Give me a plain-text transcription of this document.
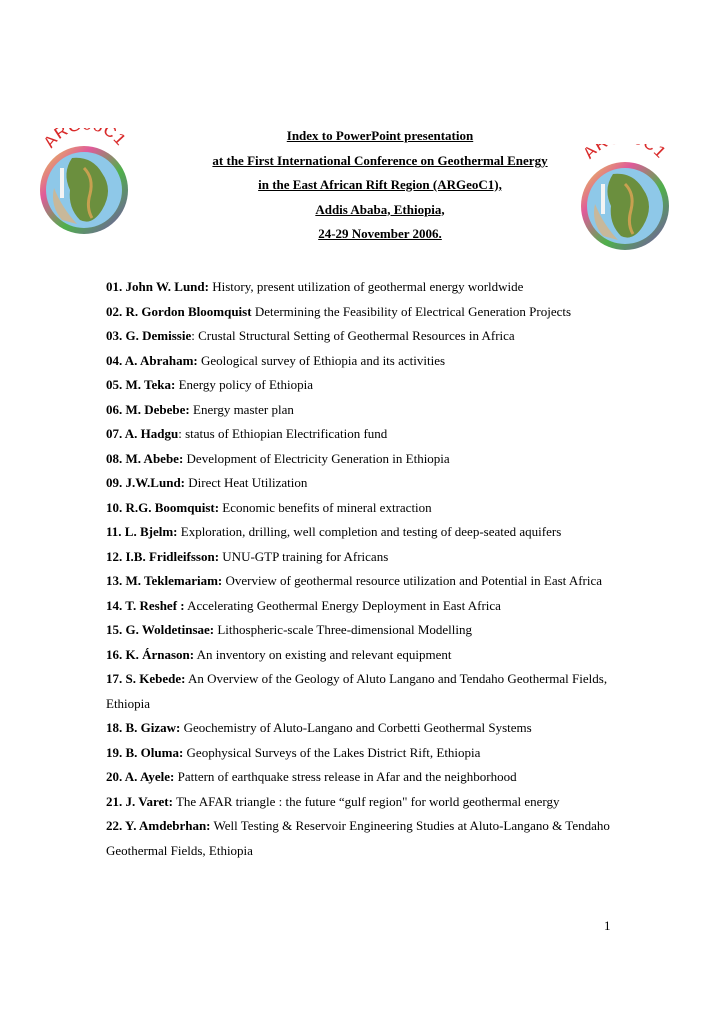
AR C1
A C1
Index to PowerPoint presentation
at the First International Conference on Geothermal Energy
in the East African Rift Region (ARGeoC1),
Addis Ababa, Ethiopia,
24-29 November 2006.

01. John W. Lund: History, present utilization of geothermal energy worldwide

02. R. Gordon Bloomquist Determining the Feasibility of Electrical Generation Projects

03. G. Demissie: Crustal Structural Setting of Geothermal Resources in Africa

04. A. Abraham: Geological survey of Ethiopia and its activities

05. M. Teka: Energy policy of Ethiopia

06. M. Debebe: Energy master plan

07. A. Hadgu: status of Ethiopian Electrification fund

08. M. Abebe: Development of Electricity Generation in Ethiopia

09. J.W.Lund: Direct Heat Utilization

10. R.G. Boomquist: Economic benefits of mineral extraction

11. L. Bjelm: Exploration, drilling, well completion and testing of deep-seated aquifers

12. I.B. Fridleifsson: UNU-GTP training for Africans

13. M. Teklemariam: Overview of geothermal resource utilization and Potential in East Africa

14. T. Reshef : Accelerating Geothermal Energy Deployment in East Africa

15. G. Woldetinsae: Lithospheric-scale Three-dimensional Modelling

16. K. Árnason: An inventory on existing and relevant equipment

17. S. Kebede: An Overview of the Geology of Aluto Langano and Tendaho Geothermal Fields, Ethiopia

18. B. Gizaw: Geochemistry of Aluto-Langano and Corbetti Geothermal Systems

19. B. Oluma: Geophysical Surveys of the Lakes District Rift, Ethiopia

20. A. Ayele: Pattern of earthquake stress release in Afar and the neighborhood

21. J. Varet: The AFAR triangle : the future “gulf region" for world geothermal energy

22. Y. Amdebrhan: Well Testing & Reservoir Engineering Studies at Aluto-Langano & Tendaho Geothermal Fields, Ethiopia

1
